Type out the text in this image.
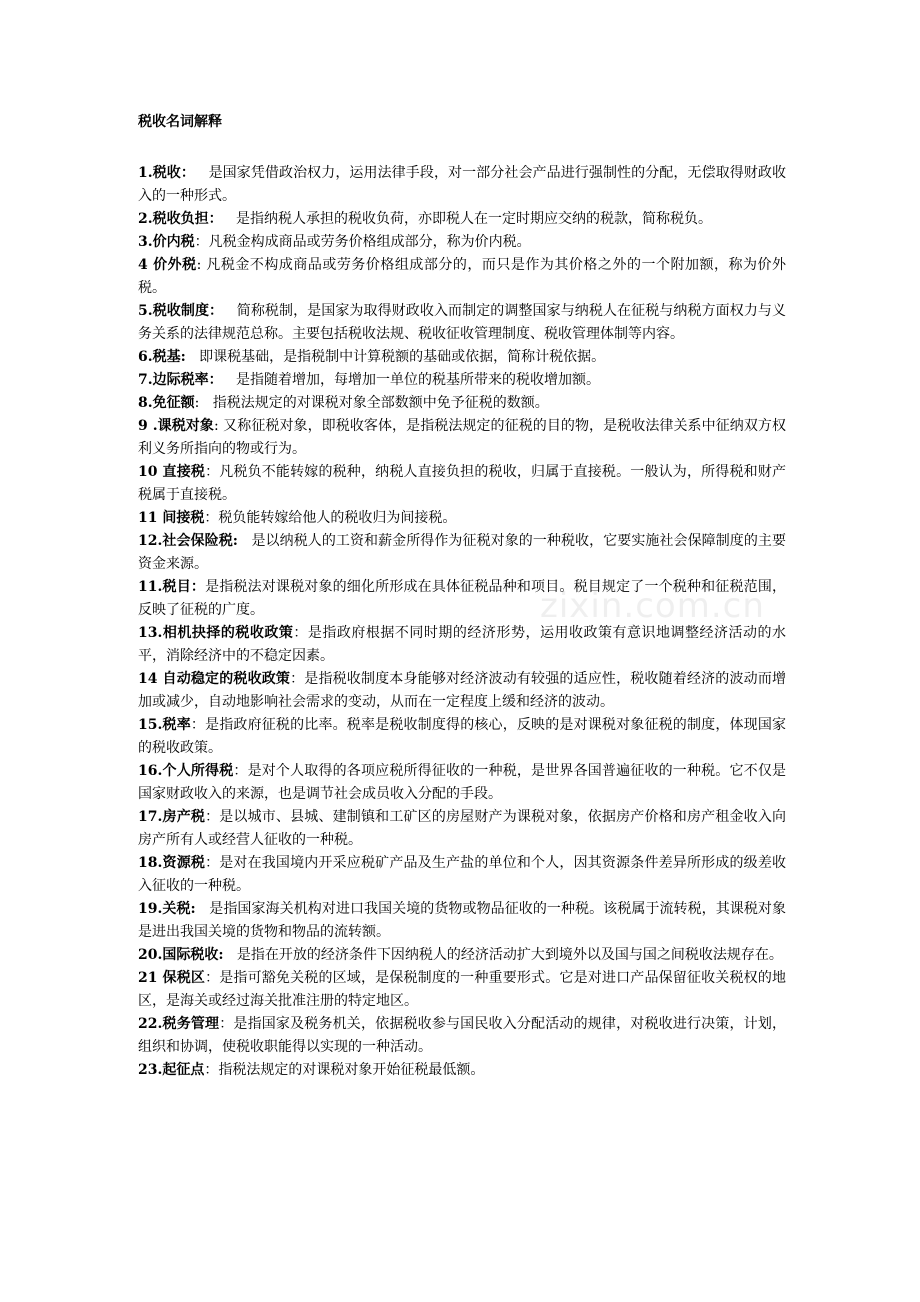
zixin.com.cn
税收名词解释

1.税收：   是国家凭借政治权力，运用法律手段，对一部分社会产品进行强制性的分配，无偿取得财政收入的一种形式。

2.税收负担：   是指纳税人承担的税收负荷，亦即税人在一定时期应交纳的税款，简称税负。

3.价内税：凡税金构成商品或劳务价格组成部分，称为价内税。

4 价外税: 凡税金不构成商品或劳务价格组成部分的，而只是作为其价格之外的一个附加额，称为价外税。

5.税收制度：   简称税制，是国家为取得财政收入而制定的调整国家与纳税人在征税与纳税方面权力与义务关系的法律规范总称。主要包括税收法规、税收征收管理制度、税收管理体制等内容。

6.税基:   即课税基础，是指税制中计算税额的基础或依据，简称计税依据。

7.边际税率：   是指随着增加，每增加一单位的税基所带来的税收增加额。

8.免征额:   指税法规定的对课税对象全部数额中免予征税的数额。

9 .课税对象: 又称征税对象，即税收客体，是指税法规定的征税的目的物，是税收法律关系中征纳双方权利义务所指向的物或行为。

10 直接税：凡税负不能转嫁的税种，纳税人直接负担的税收，归属于直接税。一般认为，所得税和财产税属于直接税。

11 间接税：税负能转嫁给他人的税收归为间接税。

12.社会保险税:   是以纳税人的工资和薪金所得作为征税对象的一种税收，它要实施社会保障制度的主要资金来源。

11.税目：是指税法对课税对象的细化所形成在具体征税品种和项目。税目规定了一个税种和征税范围，反映了征税的广度。

13.相机抉择的税收政策：是指政府根据不同时期的经济形势，运用收政策有意识地调整经济活动的水平，消除经济中的不稳定因素。

14 自动稳定的税收政策：是指税收制度本身能够对经济波动有较强的适应性，税收随着经济的波动而增加或减少，自动地影响社会需求的变动，从而在一定程度上缓和经济的波动。

15.税率：是指政府征税的比率。税率是税收制度得的核心，反映的是对课税对象征税的制度，体现国家的税收政策。

16.个人所得税：是对个人取得的各项应税所得征收的一种税，是世界各国普遍征收的一种税。它不仅是国家财政收入的来源，也是调节社会成员收入分配的手段。

17.房产税：是以城市、县城、建制镇和工矿区的房屋财产为课税对象，依据房产价格和房产租金收入向房产所有人或经营人征收的一种税。

18.资源税：是对在我国境内开采应税矿产品及生产盐的单位和个人，因其资源条件差异所形成的级差收入征收的一种税。

19.关税:   是指国家海关机构对进口我国关境的货物或物品征收的一种税。该税属于流转税，其课税对象是进出我国关境的货物和物品的流转额。

20.国际税收:   是指在开放的经济条件下因纳税人的经济活动扩大到境外以及国与国之间税收法规存在。

21 保税区：是指可豁免关税的区域，是保税制度的一种重要形式。它是对进口产品保留征收关税权的地区，是海关或经过海关批准注册的特定地区。

22.税务管理：是指国家及税务机关，依据税收参与国民收入分配活动的规律，对税收进行决策，计划，组织和协调，使税收职能得以实现的一种活动。

23.起征点：指税法规定的对课税对象开始征税最低额。
